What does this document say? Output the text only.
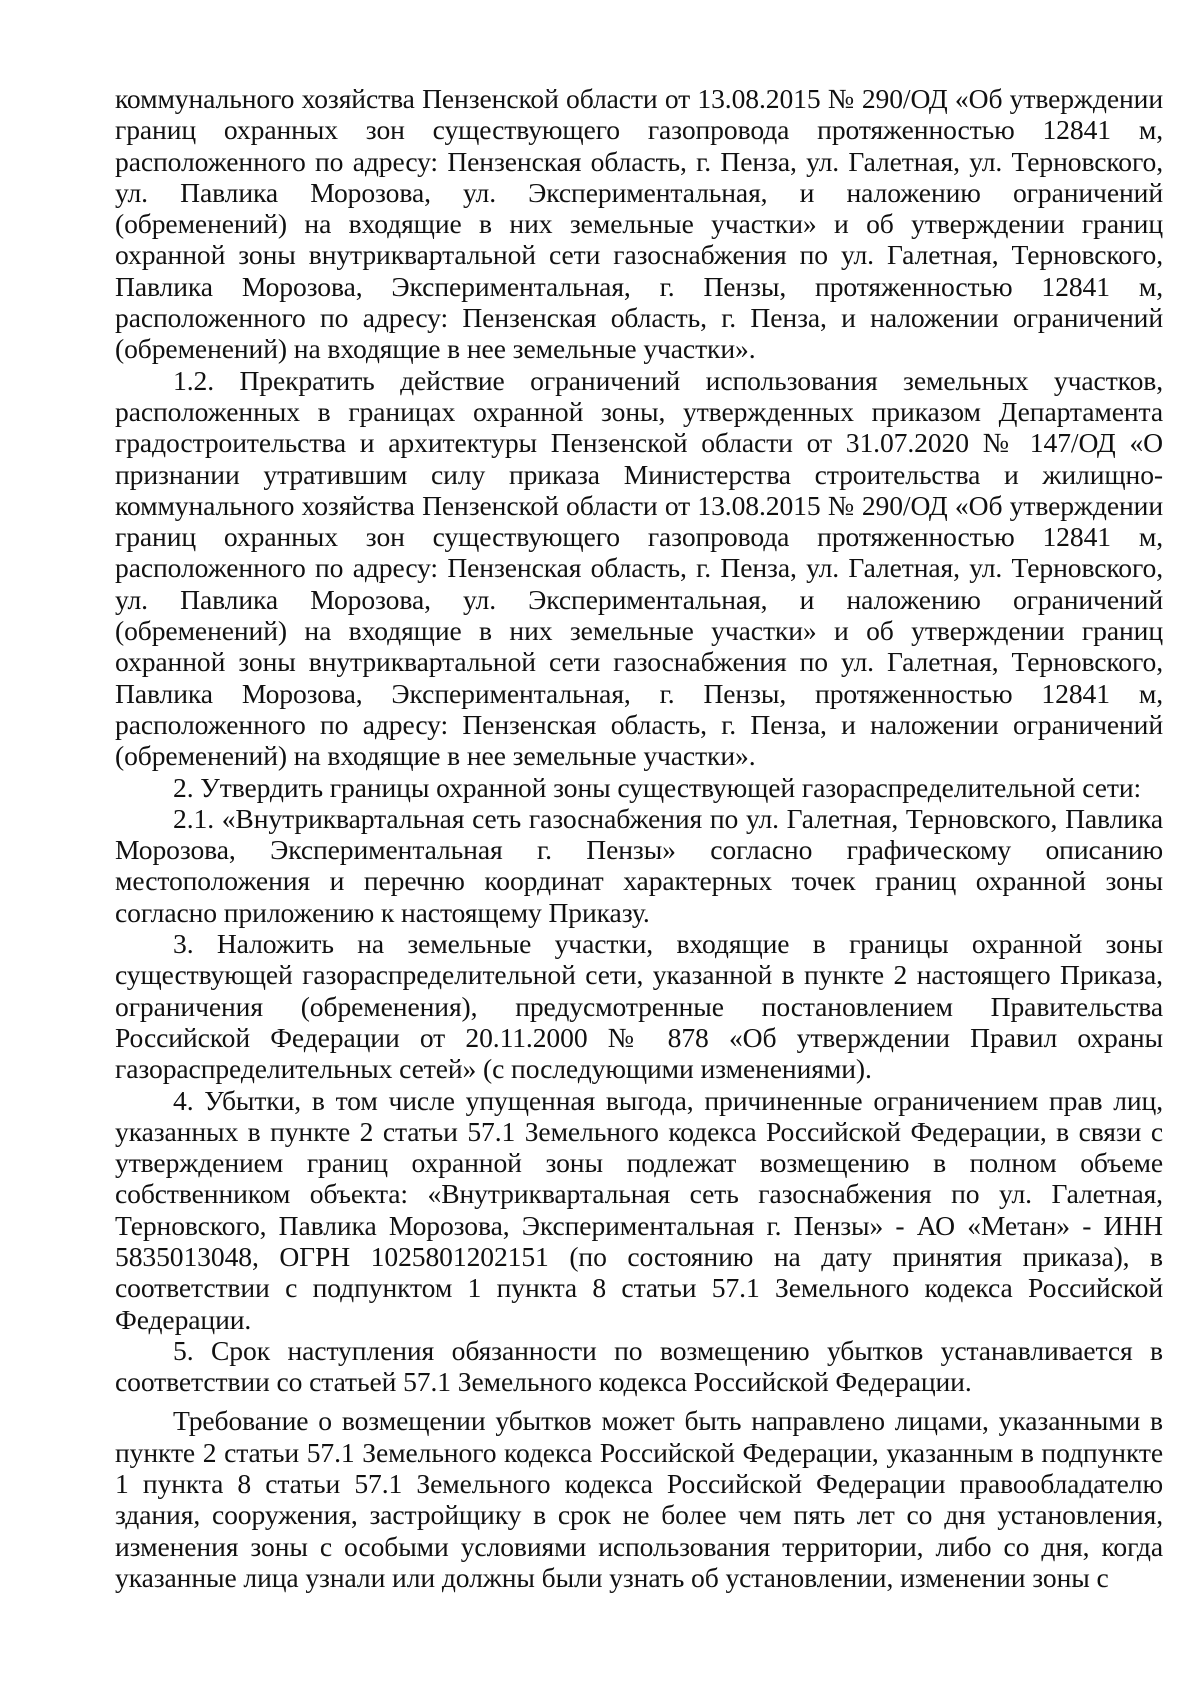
коммунального хозяйства Пензенской области от 13.08.2015 № 290/ОД «Об утверждении границ охранных зон существующего газопровода протяженностью 12841 м, расположенного по адресу: Пензенская область, г. Пенза, ул. Галетная, ул. Терновского, ул. Павлика Морозова, ул. Экспериментальная, и наложению ограничений (обременений) на входящие в них земельные участки» и об утверждении границ охранной зоны внутриквартальной сети газоснабжения по ул. Галетная, Терновского, Павлика Морозова, Экспериментальная, г. Пензы, протяженностью 12841 м, расположенного по адресу: Пензенская область, г. Пенза, и наложении ограничений (обременений) на входящие в нее земельные участки».

1.2. Прекратить действие ограничений использования земельных участков, расположенных в границах охранной зоны, утвержденных приказом Департамента градостроительства и архитектуры Пензенской области от 31.07.2020 № 147/ОД «О признании утратившим силу приказа Министерства строительства и жилищно-коммунального хозяйства Пензенской области от 13.08.2015 № 290/ОД «Об утверждении границ охранных зон существующего газопровода протяженностью 12841 м, расположенного по адресу: Пензенская область, г. Пенза, ул. Галетная, ул. Терновского, ул. Павлика Морозова, ул. Экспериментальная, и наложению ограничений (обременений) на входящие в них земельные участки» и об утверждении границ охранной зоны внутриквартальной сети газоснабжения по ул. Галетная, Терновского, Павлика Морозова, Экспериментальная, г. Пензы, протяженностью 12841 м, расположенного по адресу: Пензенская область, г. Пенза, и наложении ограничений (обременений) на входящие в нее земельные участки».

2. Утвердить границы охранной зоны существующей газораспределительной сети:

2.1. «Внутриквартальная сеть газоснабжения по ул. Галетная, Терновского, Павлика Морозова, Экспериментальная г. Пензы» согласно графическому описанию местоположения и перечню координат характерных точек границ охранной зоны согласно приложению к настоящему Приказу.

3. Наложить на земельные участки, входящие в границы охранной зоны существующей газораспределительной сети, указанной в пункте 2 настоящего Приказа, ограничения (обременения), предусмотренные постановлением Правительства Российской Федерации от 20.11.2000 № 878 «Об утверждении Правил охраны газораспределительных сетей» (с последующими изменениями).

4. Убытки, в том числе упущенная выгода, причиненные ограничением прав лиц, указанных в пункте 2 статьи 57.1 Земельного кодекса Российской Федерации, в связи с утверждением границ охранной зоны подлежат возмещению в полном объеме собственником объекта: «Внутриквартальная сеть газоснабжения по ул. Галетная, Терновского, Павлика Морозова, Экспериментальная г. Пензы» - АО «Метан» - ИНН 5835013048, ОГРН 1025801202151 (по состоянию на дату принятия приказа), в соответствии с подпунктом 1 пункта 8 статьи 57.1 Земельного кодекса Российской Федерации.

5. Срок наступления обязанности по возмещению убытков устанавливается в соответствии со статьей 57.1 Земельного кодекса Российской Федерации.

Требование о возмещении убытков может быть направлено лицами, указанными в пункте 2 статьи 57.1 Земельного кодекса Российской Федерации, указанным в подпункте 1 пункта 8 статьи 57.1 Земельного кодекса Российской Федерации правообладателю здания, сооружения, застройщику в срок не более чем пять лет со дня установления, изменения зоны с особыми условиями использования территории, либо со дня, когда указанные лица узнали или должны были узнать об установлении, изменении зоны с
